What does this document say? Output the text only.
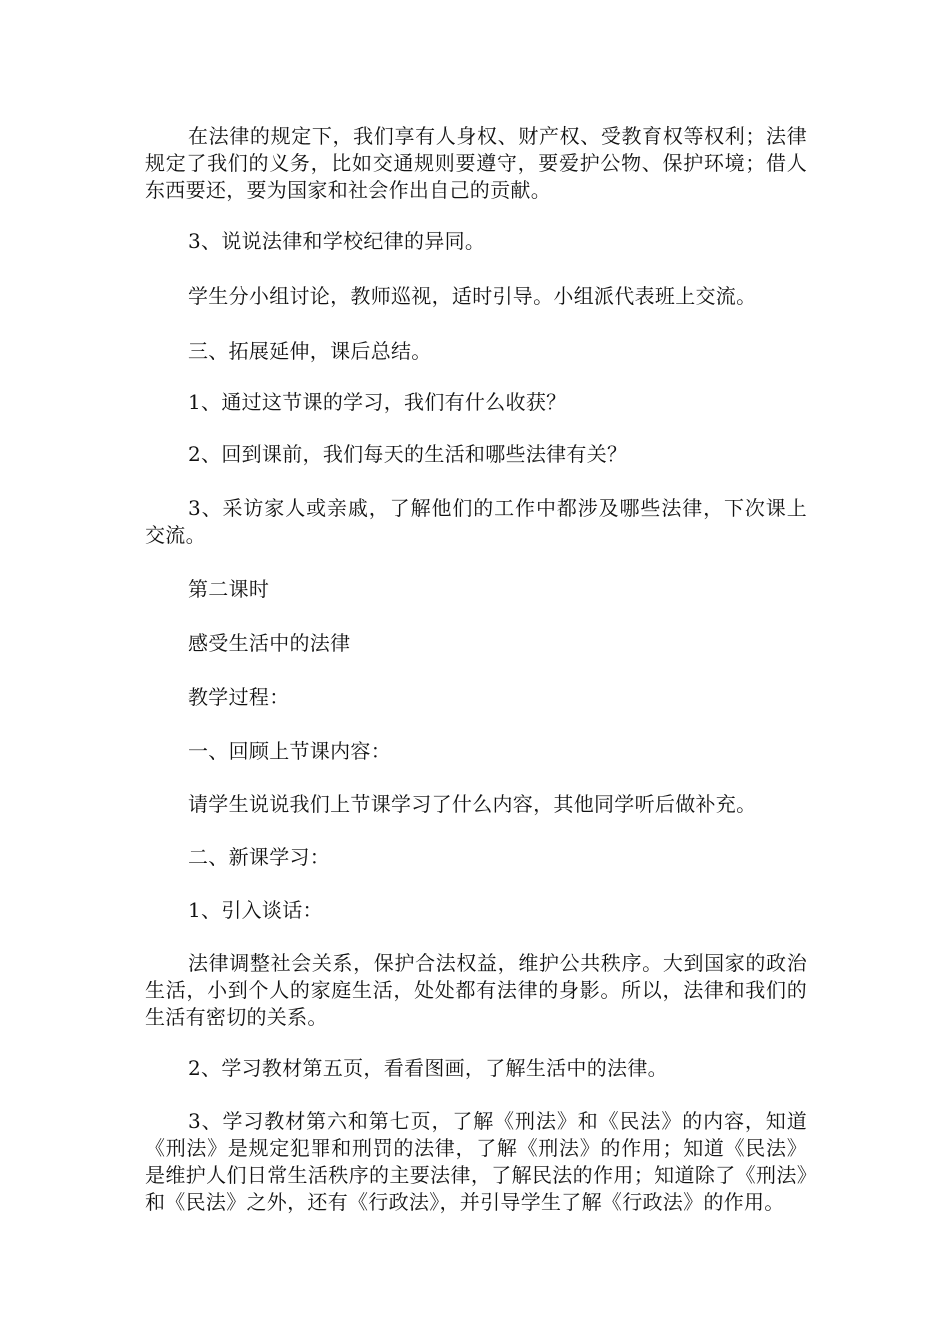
在法律的规定下，我们享有人身权、财产权、受教育权等权利；法律规定了我们的义务，比如交通规则要遵守，要爱护公物、保护环境；借人东西要还，要为国家和社会作出自己的贡献。

3、说说法律和学校纪律的异同。

学生分小组讨论，教师巡视，适时引导。小组派代表班上交流。

三、拓展延伸，课后总结。

1、通过这节课的学习，我们有什么收获？

2、回到课前，我们每天的生活和哪些法律有关？

3、采访家人或亲戚，了解他们的工作中都涉及哪些法律，下次课上交流。

第二课时

感受生活中的法律

教学过程：

一、回顾上节课内容：

请学生说说我们上节课学习了什么内容，其他同学听后做补充。

二、新课学习：

1、引入谈话：

法律调整社会关系，保护合法权益，维护公共秩序。大到国家的政治生活，小到个人的家庭生活，处处都有法律的身影。所以，法律和我们的生活有密切的关系。

2、学习教材第五页，看看图画，了解生活中的法律。

3、学习教材第六和第七页，了解《刑法》和《民法》的内容，知道《刑法》是规定犯罪和刑罚的法律，了解《刑法》的作用；知道《民法》是维护人们日常生活秩序的主要法律，了解民法的作用；知道除了《刑法》和《民法》之外，还有《行政法》，并引导学生了解《行政法》的作用。
